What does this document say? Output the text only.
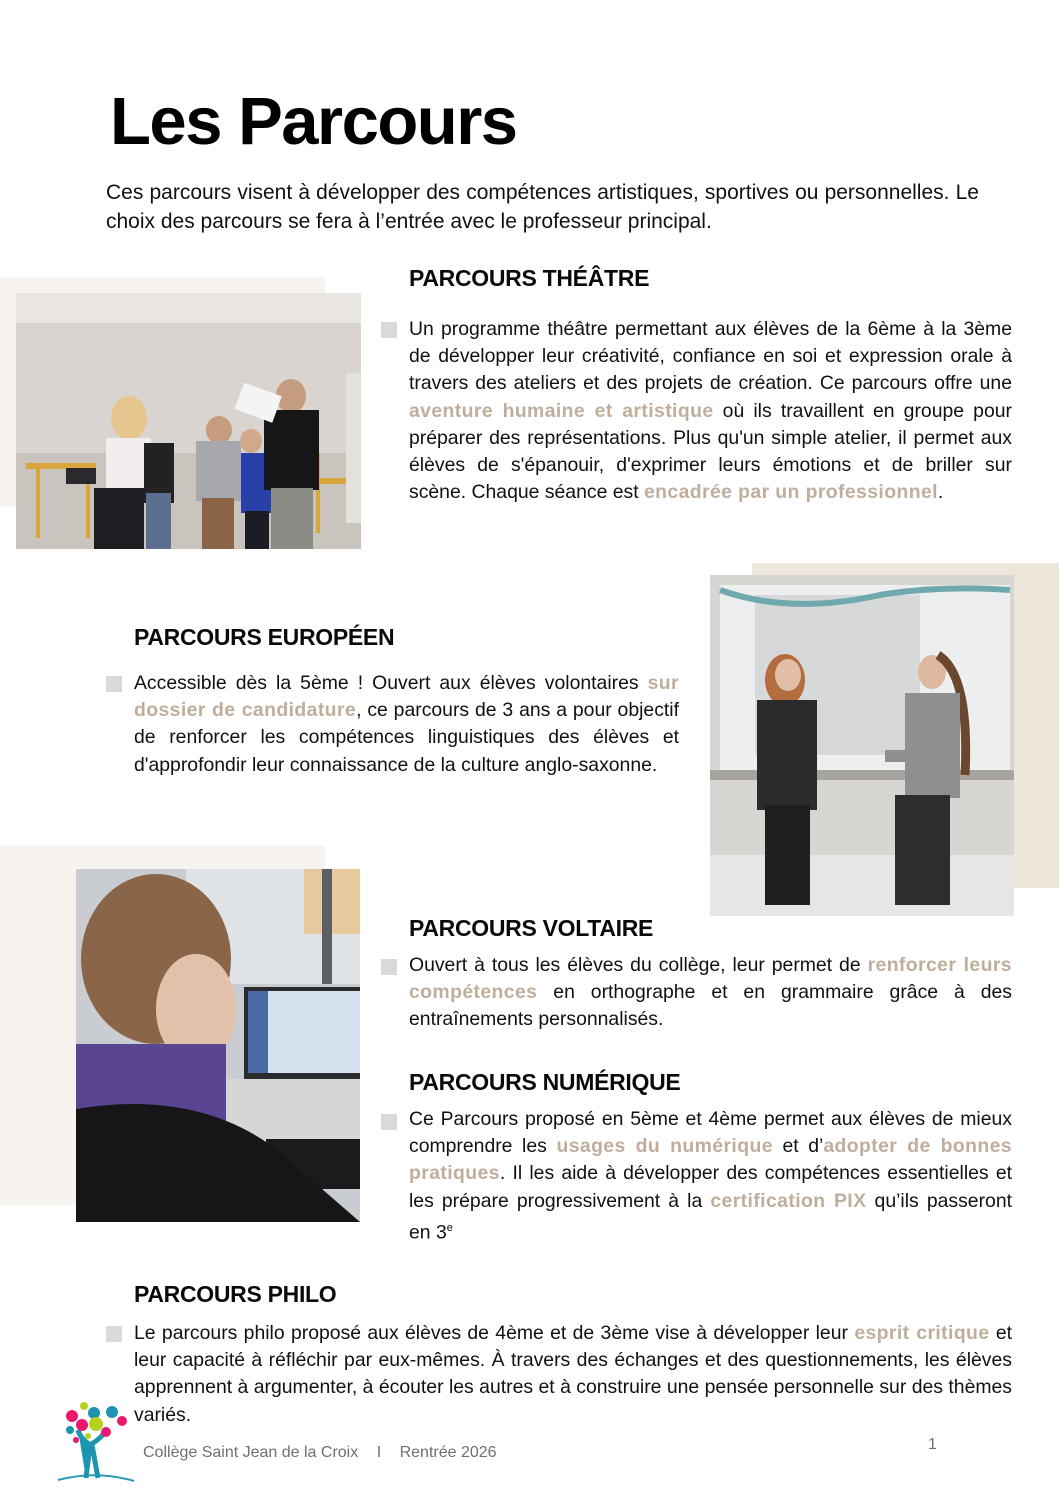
Les Parcours

Ces parcours visent à développer des compétences artistiques, sportives ou personnelles. Le choix des parcours se fera à l’entrée avec le professeur principal.

PARCOURS THÉÂTRE

Un programme théâtre permettant aux élèves de la 6ème à la 3ème de développer leur créativité, confiance en soi et expression orale à travers des ateliers et des projets de création. Ce parcours offre une aventure humaine et artistique où ils travaillent en groupe pour préparer des représentations. Plus qu'un simple atelier, il permet aux élèves de s'épanouir, d'exprimer leurs émotions et de briller sur scène. Chaque séance est encadrée par un professionnel.

PARCOURS EUROPÉEN

Accessible dès la 5ème ! Ouvert aux élèves volontaires sur dossier de candidature, ce parcours de 3 ans a pour objectif de renforcer les compétences linguistiques des élèves et d'approfondir leur connaissance de la culture anglo-saxonne.

PARCOURS VOLTAIRE

Ouvert à tous les élèves du collège, leur permet de renforcer leurs compétences en orthographe et en grammaire grâce à des entraînements personnalisés.

PARCOURS NUMÉRIQUE

Ce Parcours proposé en 5ème et 4ème permet aux élèves de mieux comprendre les usages du numérique et d’adopter de bonnes pratiques. Il les aide à développer des compétences essentielles et les prépare progressivement à la certification PIX qu’ils passeront en 3e

PARCOURS PHILO

Le parcours philo proposé aux élèves de 4ème et de 3ème vise à développer leur esprit critique et leur capacité à réfléchir par eux-mêmes. À travers des échanges et des questionnements, les élèves apprennent à argumenter, à écouter les autres et à construire une pensée personnelle sur des thèmes variés.

Collège Saint Jean de la Croix I Rentrée 2026	1
